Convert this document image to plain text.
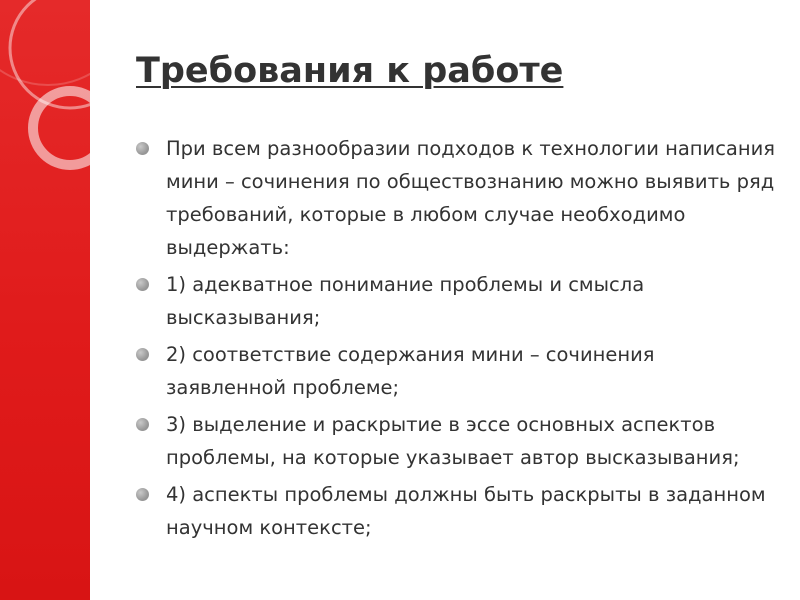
Требования к работе
При всем разнообразии подходов к технологии написания мини – сочинения по обществознанию можно выявить ряд требований, которые в любом случае необходимо выдержать:
1) адекватное понимание проблемы и смысла высказывания;
2) соответствие содержания мини – сочинения заявленной проблеме;
3) выделение и раскрытие в эссе основных аспектов проблемы, на которые указывает автор высказывания;
4) аспекты проблемы должны быть раскрыты в заданном научном контексте;
